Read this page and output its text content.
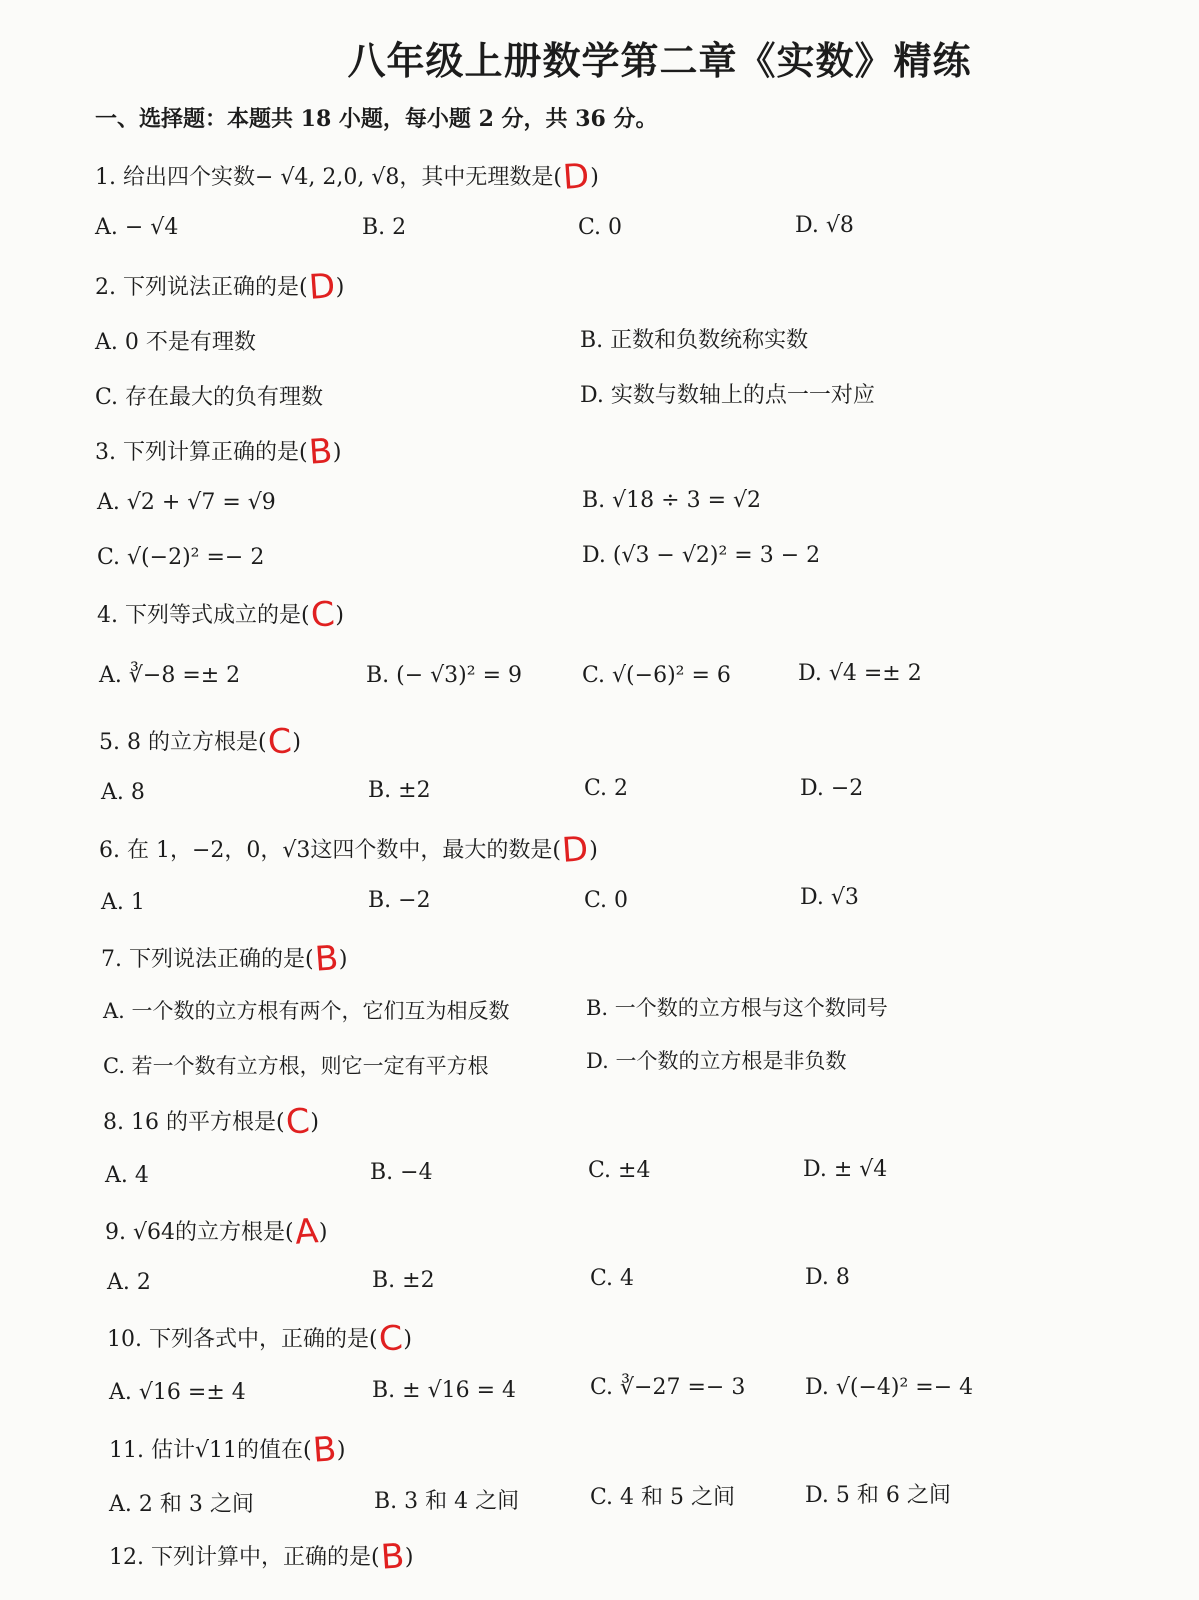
八年级上册数学第二章《实数》精练
一、选择题：本题共 18 小题，每小题 2 分，共 36 分。
1. 给出四个实数− √4, 2,0, √8，其中无理数是(D)
A. − √4	B. 2	C. 0	D. √8
2. 下列说法正确的是(D)
A. 0 不是有理数	B. 正数和负数统称实数
C. 存在最大的负有理数	D. 实数与数轴上的点一一对应
3. 下列计算正确的是(B)
A. √2 + √7 = √9	B. √18 ÷ 3 = √2
C. √(−2)² =− 2	D. (√3 − √2)² = 3 − 2
4. 下列等式成立的是(C)
A. ∛−8 =± 2	B. (− √3)² = 9	C. √(−6)² = 6	D. √4 =± 2
5. 8 的立方根是(C)
A. 8	B. ±2	C. 2	D. −2
6. 在 1，−2，0，√3这四个数中，最大的数是(D)
A. 1	B. −2	C. 0	D. √3
7. 下列说法正确的是(B)
A. 一个数的立方根有两个，它们互为相反数	B. 一个数的立方根与这个数同号
C. 若一个数有立方根，则它一定有平方根	D. 一个数的立方根是非负数
8. 16 的平方根是(C)
A. 4	B. −4	C. ±4	D. ± √4
9. √64的立方根是(A)
A. 2	B. ±2	C. 4	D. 8
10. 下列各式中，正确的是(C)
A. √16 =± 4	B. ± √16 = 4	C. ∛−27 =− 3	D. √(−4)² =− 4
11. 估计√11的值在(B)
A. 2 和 3 之间	B. 3 和 4 之间	C. 4 和 5 之间	D. 5 和 6 之间
12. 下列计算中，正确的是(B)
